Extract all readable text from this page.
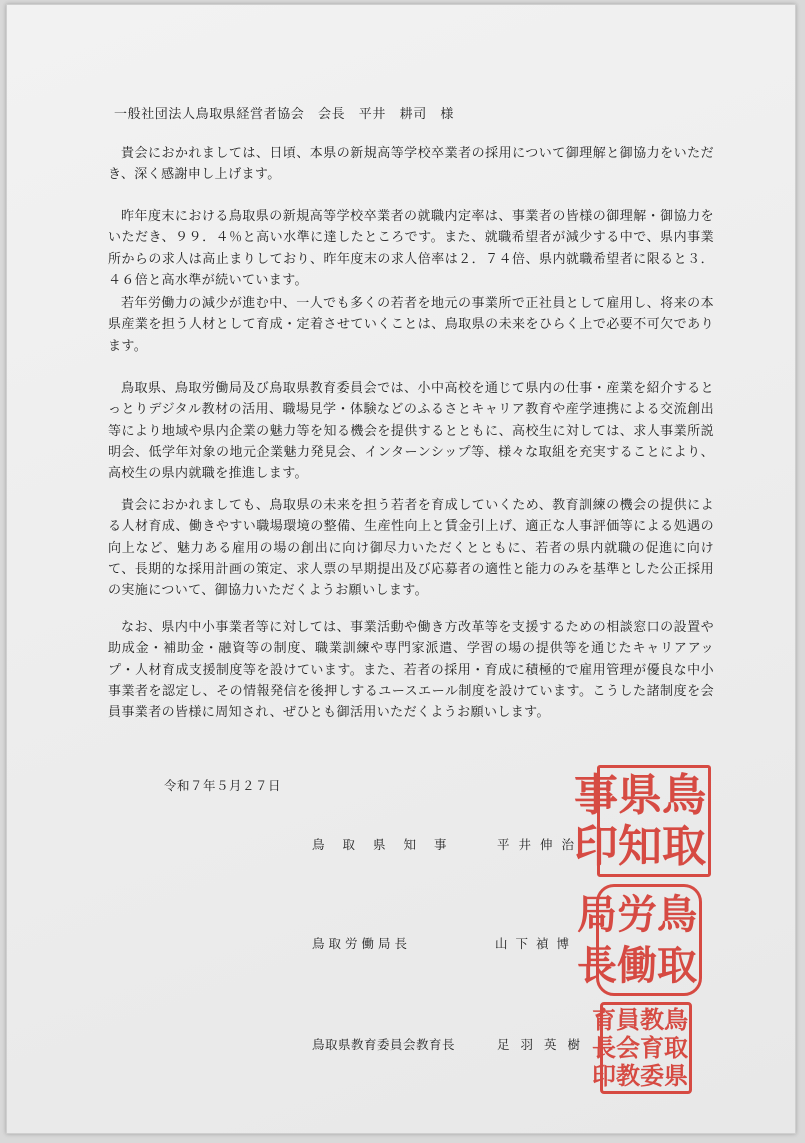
一般社団法人鳥取県経営者協会　会長　平井　耕司　様

貴会におかれましては、日頃、本県の新規高等学校卒業者の採用について御理解と御協力をいただき、深く感謝申し上げます。

昨年度末における鳥取県の新規高等学校卒業者の就職内定率は、事業者の皆様の御理解・御協力をいただき、９９．４％と高い水準に達したところです。また、就職希望者が減少する中で、県内事業所からの求人は高止まりしており、昨年度末の求人倍率は２．７４倍、県内就職希望者に限ると３．４６倍と高水準が続いています。

若年労働力の減少が進む中、一人でも多くの若者を地元の事業所で正社員として雇用し、将来の本県産業を担う人材として育成・定着させていくことは、鳥取県の未来をひらく上で必要不可欠であります。

鳥取県、鳥取労働局及び鳥取県教育委員会では、小中高校を通じて県内の仕事・産業を紹介するとっとりデジタル教材の活用、職場見学・体験などのふるさとキャリア教育や産学連携による交流創出等により地域や県内企業の魅力等を知る機会を提供するとともに、高校生に対しては、求人事業所説明会、低学年対象の地元企業魅力発見会、インターンシップ等、様々な取組を充実することにより、高校生の県内就職を推進します。

貴会におかれましても、鳥取県の未来を担う若者を育成していくため、教育訓練の機会の提供による人材育成、働きやすい職場環境の整備、生産性向上と賃金引上げ、適正な人事評価等による処遇の向上など、魅力ある雇用の場の創出に向け御尽力いただくとともに、若者の県内就職の促進に向けて、長期的な採用計画の策定、求人票の早期提出及び応募者の適性と能力のみを基準とした公正採用の実施について、御協力いただくようお願いします。

なお、県内中小事業者等に対しては、事業活動や働き方改革等を支援するための相談窓口の設置や助成金・補助金・融資等の制度、職業訓練や専門家派遣、学習の場の提供等を通じたキャリアアップ・人材育成支援制度等を設けています。また、若者の採用・育成に積極的で雇用管理が優良な中小事業者を認定し、その情報発信を後押しするユースエール制度を設けています。こうした諸制度を会員事業者の皆様に周知され、ぜひとも御活用いただくようお願いします。

令和７年５月２７日
鳥取県知事	平井伸治
鳥取労働局長	山下禎博
鳥取県教育委員会教育長	足羽英樹
鳥
取
県
知
事
印
鳥
取
労
働
局
長
鳥
取
県
教
育
委
員
会
教
育
長
印
